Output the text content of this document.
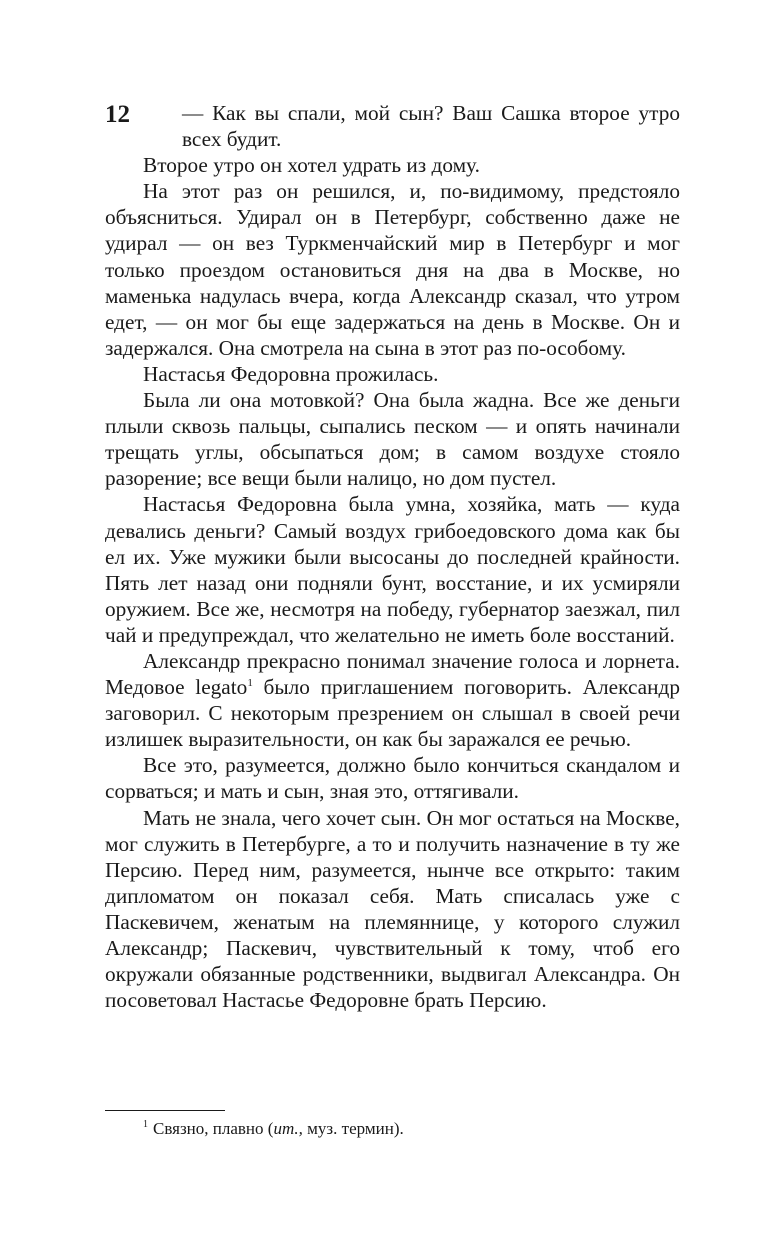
12	— Как вы спали, мой сын? Ваш Сашка второе утро всех будит.

Второе утро он хотел удрать из дому.

На этот раз он решился, и, по-видимому, предстояло объясниться. Удирал он в Петербург, собственно даже не удирал — он вез Туркменчайский мир в Петербург и мог только проездом остановиться дня на два в Москве, но маменька надулась вчера, когда Александр сказал, что утром едет, — он мог бы еще задержаться на день в Москве. Он и задержался. Она смотрела на сына в этот раз по-особому.

Настасья Федоровна прожилась.

Была ли она мотовкой? Она была жадна. Все же деньги плыли сквозь пальцы, сыпались песком — и опять начинали трещать углы, обсыпаться дом; в самом воздухе стояло разорение; все вещи были налицо, но дом пустел.

Настасья Федоровна была умна, хозяйка, мать — куда девались деньги? Самый воздух грибоедовского дома как бы ел их. Уже мужики были высосаны до последней крайности. Пять лет назад они подняли бунт, восстание, и их усмиряли оружием. Все же, несмотря на победу, губернатор заезжал, пил чай и предупреждал, что желательно не иметь боле восстаний.

Александр прекрасно понимал значение голоса и лорнета. Медовое legato$^1$ было приглашением поговорить. Александр заговорил. С некоторым презрением он слышал в своей речи излишек выразительности, он как бы заражался ее речью.

Все это, разумеется, должно было кончиться скандалом и сорваться; и мать и сын, зная это, оттягивали.

Мать не знала, чего хочет сын. Он мог остаться на Москве, мог служить в Петербурге, а то и получить назначение в ту же Персию. Перед ним, разумеется, нынче все открыто: таким дипломатом он показал себя. Мать списалась уже с Паскевичем, женатым на племяннице, у которого служил Александр; Паскевич, чувствительный к тому, чтоб его окружали обязанные родственники, выдвигал Александра. Он посоветовал Настасье Федоровне брать Персию.

$^1$ Связно, плавно (ит., муз. термин).
